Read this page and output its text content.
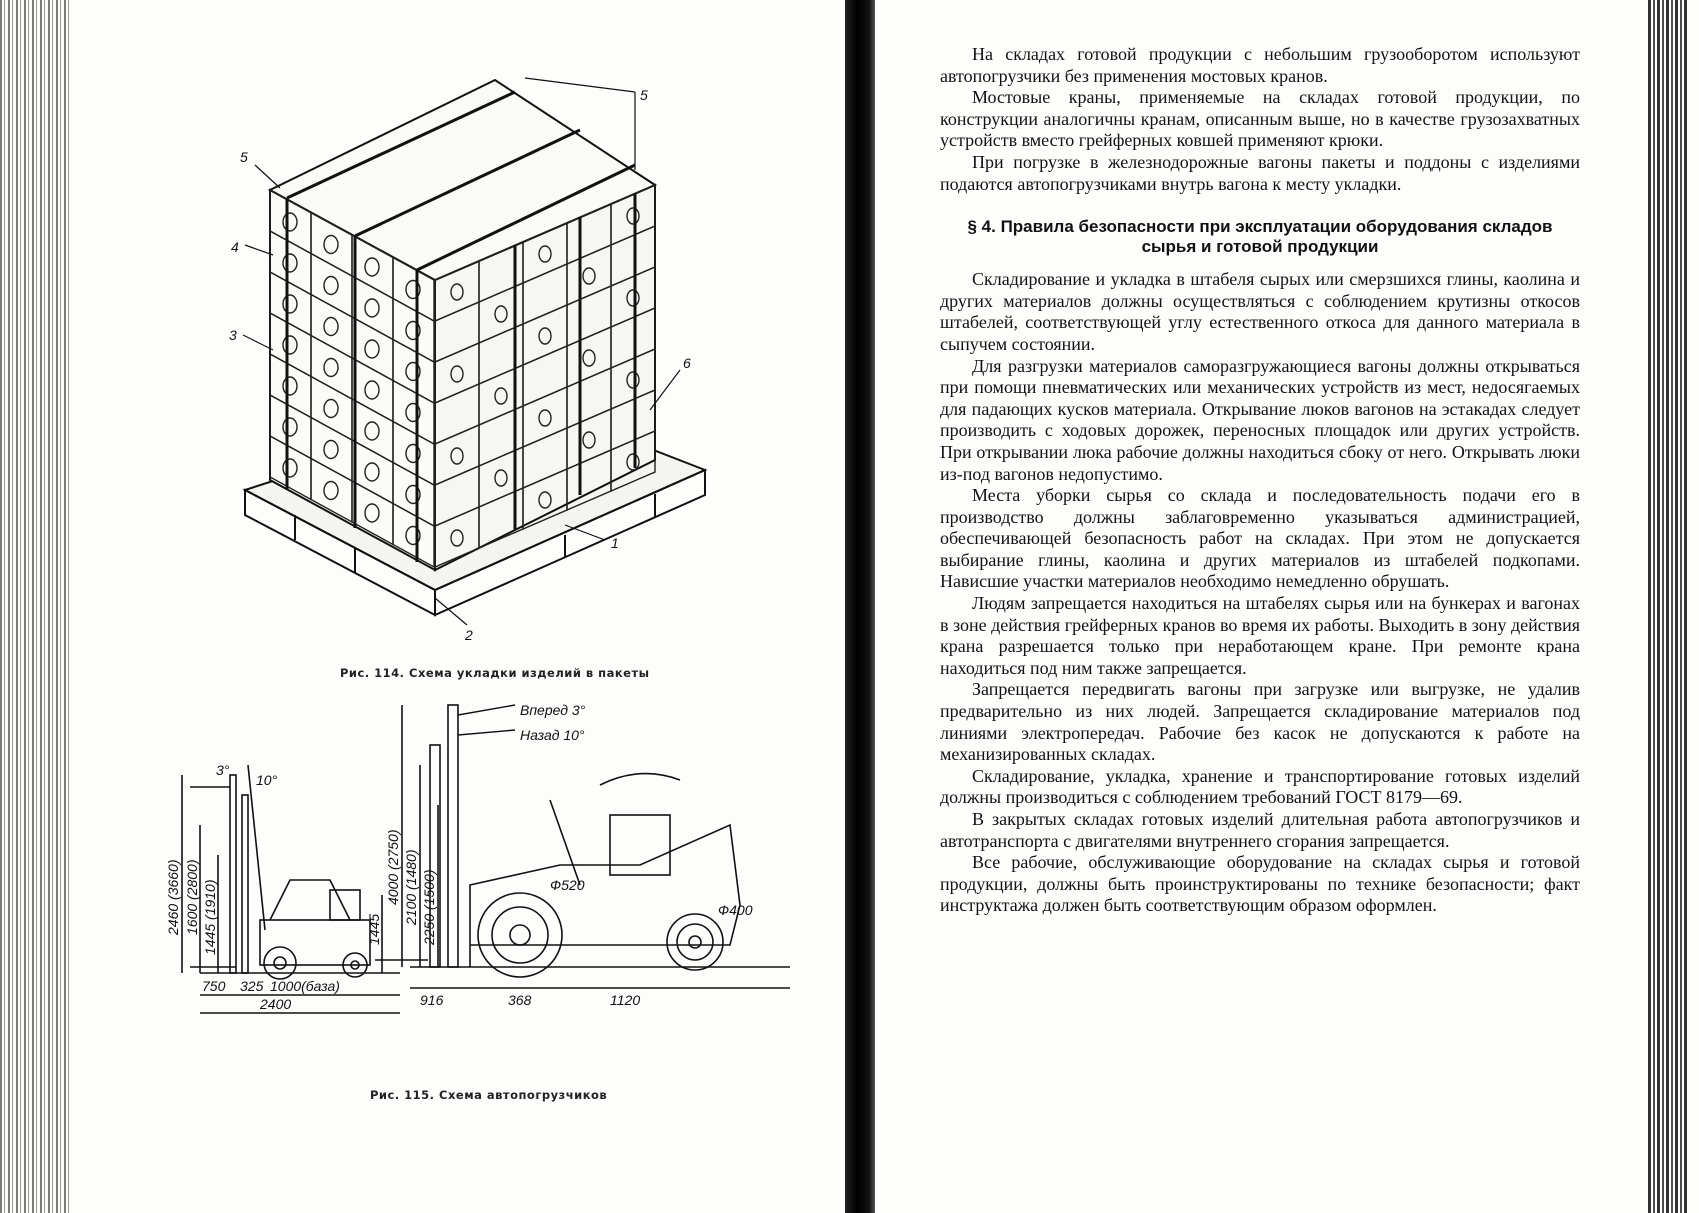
5
4
3
5
6
1
2
Рис. 114. Схема укладки изделий в пакеты
Вперед 3°
Назад 10°
3°
10°
2460 (3660) 1600 (2800) 1445 (1910)	1445
750 325 1000(база)
2400
4000 (2750) 2100 (1480) 2250 (1500)	Ф520
Ф400
916	368	1120
Рис. 115. Схема автопогрузчиков

На складах готовой продукции с небольшим грузооборотом используют автопогрузчики без применения мостовых кранов.

Мостовые краны, применяемые на складах готовой продукции, по конструкции аналогичны кранам, описанным выше, но в качестве грузозахватных устройств вместо грейферных ковшей применяют крюки.

При погрузке в железнодорожные вагоны пакеты и поддоны с изделиями подаются автопогрузчиками внутрь вагона к месту укладки.

§ 4. Правила безопасности при эксплуатации оборудования складов сырья и готовой продукции

Складирование и укладка в штабеля сырых или смерзшихся глины, каолина и других материалов должны осуществляться с соблюдением крутизны откосов штабелей, соответствующей углу естественного откоса для данного материала в сыпучем состоянии.

Для разгрузки материалов саморазгружающиеся вагоны должны открываться при помощи пневматических или механических устройств из мест, недосягаемых для падающих кусков материала. Открывание люков вагонов на эстакадах следует производить с ходовых дорожек, переносных площадок или других устройств. При открывании люка рабочие должны находиться сбоку от него. Открывать люки из-под вагонов недопустимо.

Места уборки сырья со склада и последовательность подачи его в производство должны заблаговременно указываться администрацией, обеспечивающей безопасность работ на складах. При этом не допускается выбирание глины, каолина и других материалов из штабелей подкопами. Нависшие участки материалов необходимо немедленно обрушать.

Людям запрещается находиться на штабелях сырья или на бункерах и вагонах в зоне действия грейферных кранов во время их работы. Выходить в зону действия крана разрешается только при неработающем кране. При ремонте крана находиться под ним также запрещается.

Запрещается передвигать вагоны при загрузке или выгрузке, не удалив предварительно из них людей. Запрещается складирование материалов под линиями электропередач. Рабочие без касок не допускаются к работе на механизированных складах.

Складирование, укладка, хранение и транспортирование готовых изделий должны производиться с соблюдением требований ГОСТ 8179—69.

В закрытых складах готовых изделий длительная работа автопогрузчиков и автотранспорта с двигателями внутреннего сгорания запрещается.

Все рабочие, обслуживающие оборудование на складах сырья и готовой продукции, должны быть проинструктированы по технике безопасности; факт инструктажа должен быть соответствующим образом оформлен.
